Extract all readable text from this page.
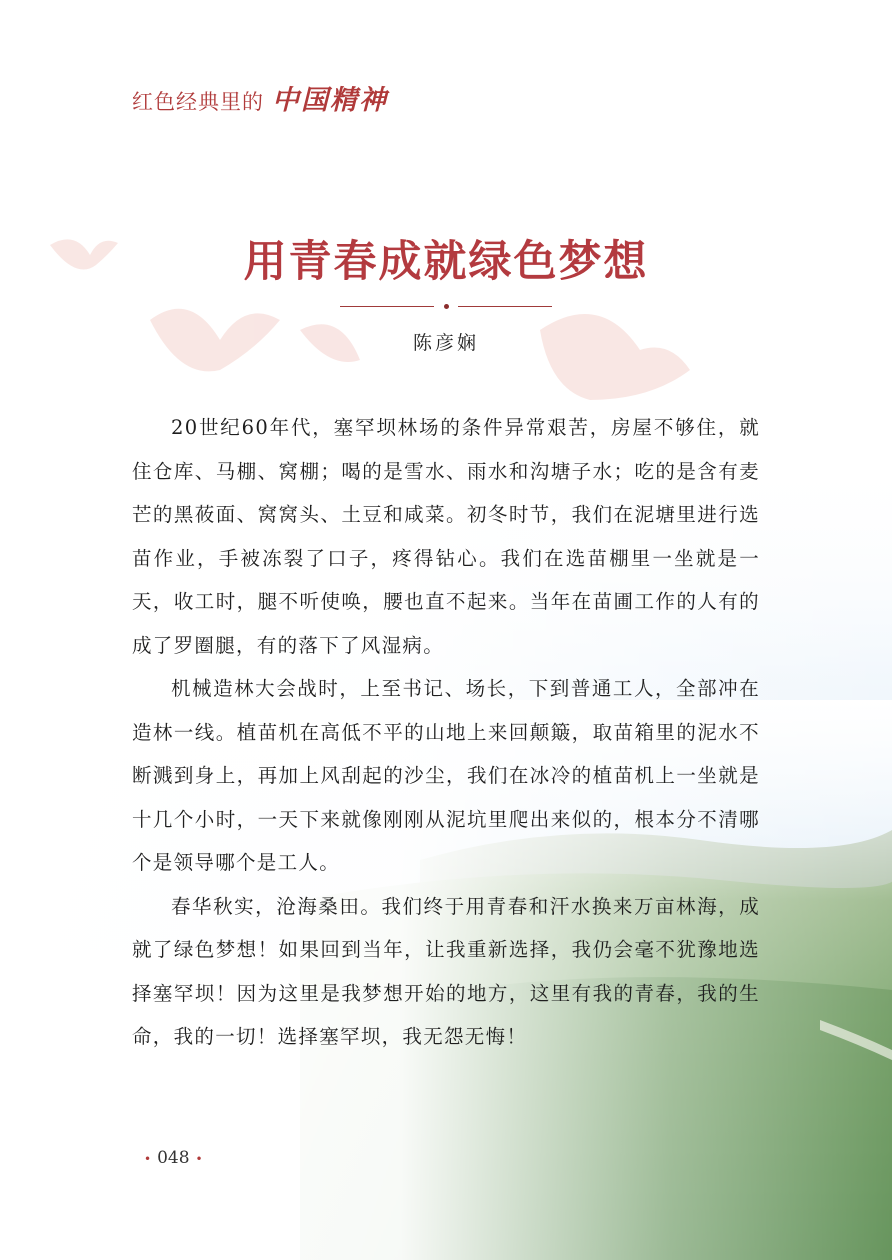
红色经典里的 中国精神
用青春成就绿色梦想
陈彦娴

20世纪60年代，塞罕坝林场的条件异常艰苦，房屋不够住，就住仓库、马棚、窝棚；喝的是雪水、雨水和沟塘子水；吃的是含有麦芒的黑莜面、窝窝头、土豆和咸菜。初冬时节，我们在泥塘里进行选苗作业，手被冻裂了口子，疼得钻心。我们在选苗棚里一坐就是一天，收工时，腿不听使唤，腰也直不起来。当年在苗圃工作的人有的成了罗圈腿，有的落下了风湿病。

机械造林大会战时，上至书记、场长，下到普通工人，全部冲在造林一线。植苗机在高低不平的山地上来回颠簸，取苗箱里的泥水不断溅到身上，再加上风刮起的沙尘，我们在冰冷的植苗机上一坐就是十几个小时，一天下来就像刚刚从泥坑里爬出来似的，根本分不清哪个是领导哪个是工人。

春华秋实，沧海桑田。我们终于用青春和汗水换来万亩林海，成就了绿色梦想！如果回到当年，让我重新选择，我仍会毫不犹豫地选择塞罕坝！因为这里是我梦想开始的地方，这里有我的青春，我的生命，我的一切！选择塞罕坝，我无怨无悔！

• 048 •
